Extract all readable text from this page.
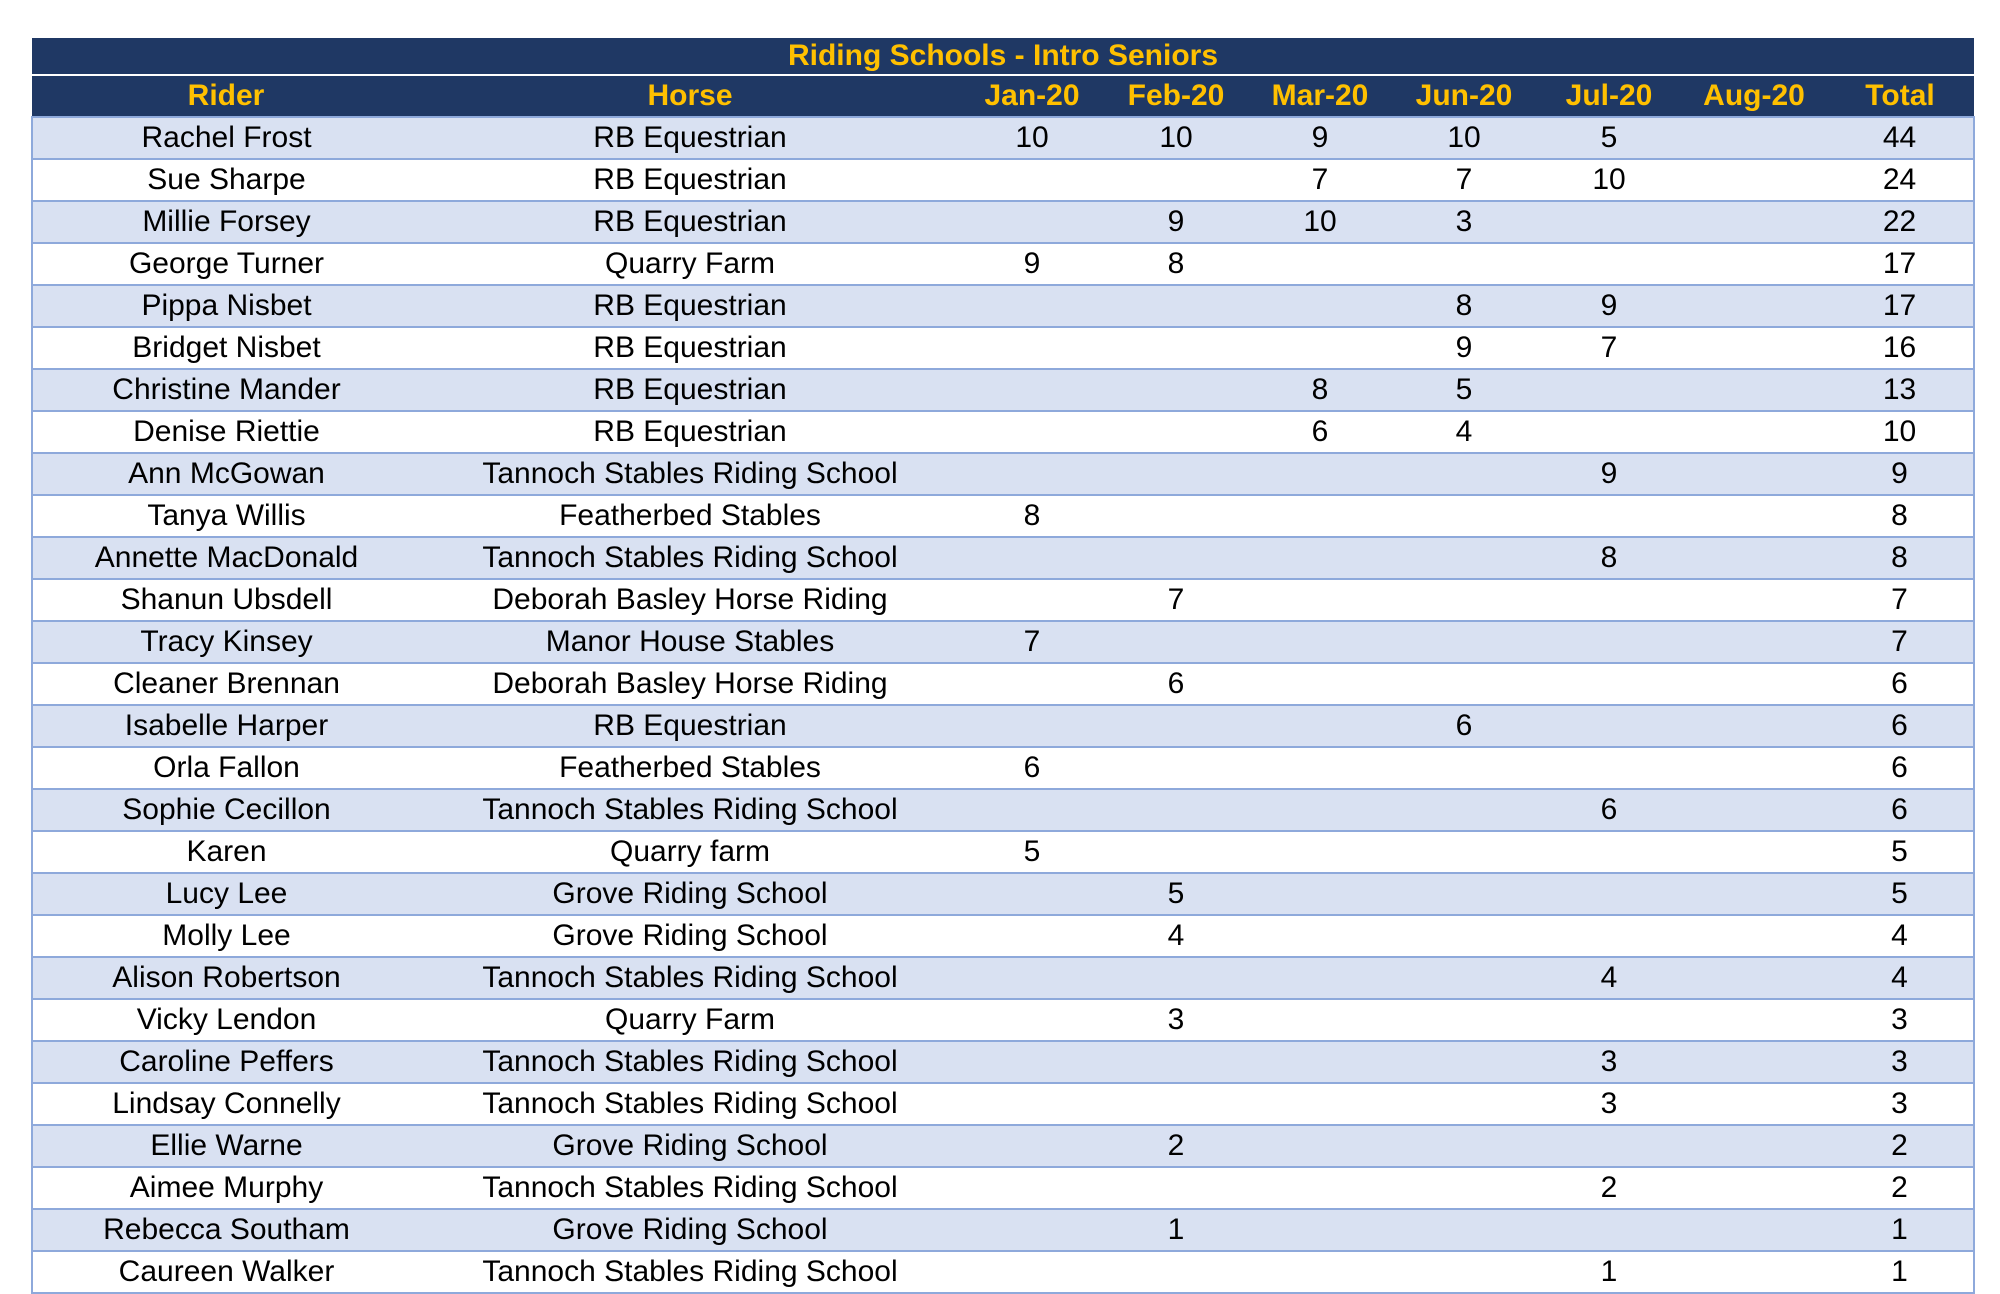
Riding Schools - Intro Seniors								
Rider	Horse	Jan-20	Feb-20	Mar-20	Jun-20	Jul-20	Aug-20	Total
Rachel Frost	RB Equestrian	10	10	9	10	5		44
Sue Sharpe	RB Equestrian			7	7	10		24
Millie Forsey	RB Equestrian		9	10	3			22
George Turner	Quarry Farm	9	8					17
Pippa Nisbet	RB Equestrian				8	9		17
Bridget Nisbet	RB Equestrian				9	7		16
Christine Mander	RB Equestrian			8	5			13
Denise Riettie	RB Equestrian			6	4			10
Ann McGowan	Tannoch Stables Riding School					9		9
Tanya Willis	Featherbed Stables	8						8
Annette MacDonald	Tannoch Stables Riding School					8		8
Shanun Ubsdell	Deborah Basley Horse Riding		7					7
Tracy Kinsey	Manor House Stables	7						7
Cleaner Brennan	Deborah Basley Horse Riding		6					6
Isabelle Harper	RB Equestrian				6			6
Orla Fallon	Featherbed Stables	6						6
Sophie Cecillon	Tannoch Stables Riding School					6		6
Karen	Quarry farm	5						5
Lucy Lee	Grove Riding School		5					5
Molly Lee	Grove Riding School		4					4
Alison Robertson	Tannoch Stables Riding School					4		4
Vicky Lendon	Quarry Farm		3					3
Caroline Peffers	Tannoch Stables Riding School					3		3
Lindsay Connelly	Tannoch Stables Riding School					3		3
Ellie Warne	Grove Riding School		2					2
Aimee Murphy	Tannoch Stables Riding School					2		2
Rebecca Southam	Grove Riding School		1					1
Caureen Walker	Tannoch Stables Riding School					1		1
